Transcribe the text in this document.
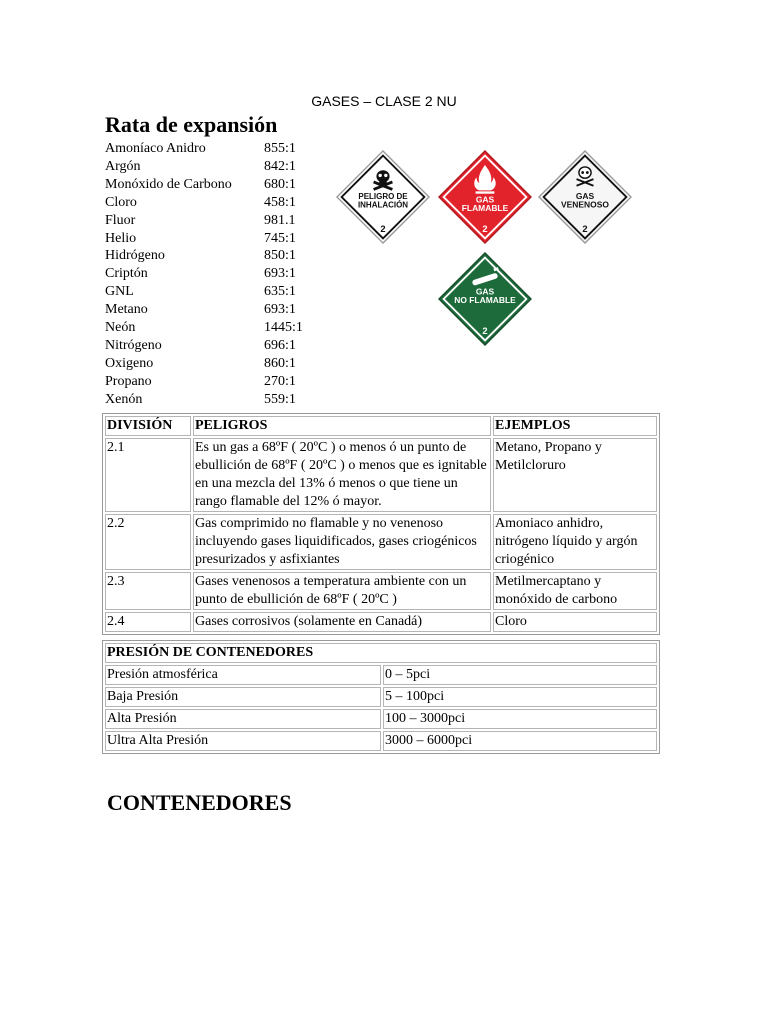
GASES – CLASE 2 NU
Rata de expansión
Amoníaco Anidro	855:1
Argón	842:1
Monóxido de Carbono	680:1
Cloro	458:1
Fluor	981.1
Helio	745:1
Hidrógeno	850:1
Criptón	693:1
GNL	635:1
Metano	693:1
Neón	1445:1
Nitrógeno	696:1
Oxigeno	860:1
Propano	270:1
Xenón	559:1
PELIGRO DE
INHALACIÓN
2
GAS
FLAMABLE
2
GAS
VENENOSO
2
GAS
NO FLAMABLE
2
DIVISIÓN	PELIGROS	EJEMPLOS
2.1	Es un gas a 68ºF ( 20ºC ) o menos ó un punto de ebullición de 68ºF ( 20ºC ) o menos que es ignitable en una mezcla del 13% ó menos o que tiene un rango flamable del 12% ó mayor.	Metano, Propano y Metilcloruro
2.2	Gas comprimido no flamable y no venenoso incluyendo gases liquidificados, gases criogénicos presurizados y asfixiantes	Amoniaco anhidro, nitrógeno líquido y argón criogénico
2.3	Gases venenosos a temperatura ambiente con un punto de ebullición de 68ºF ( 20ºC )	Metilmercaptano y monóxido de carbono
2.4	Gases corrosivos (solamente en Canadá)	Cloro
PRESIÓN DE CONTENEDORES	
Presión atmosférica	0 – 5pci
Baja Presión	5 – 100pci
Alta Presión	100 – 3000pci
Ultra Alta Presión	3000 – 6000pci
CONTENEDORES
